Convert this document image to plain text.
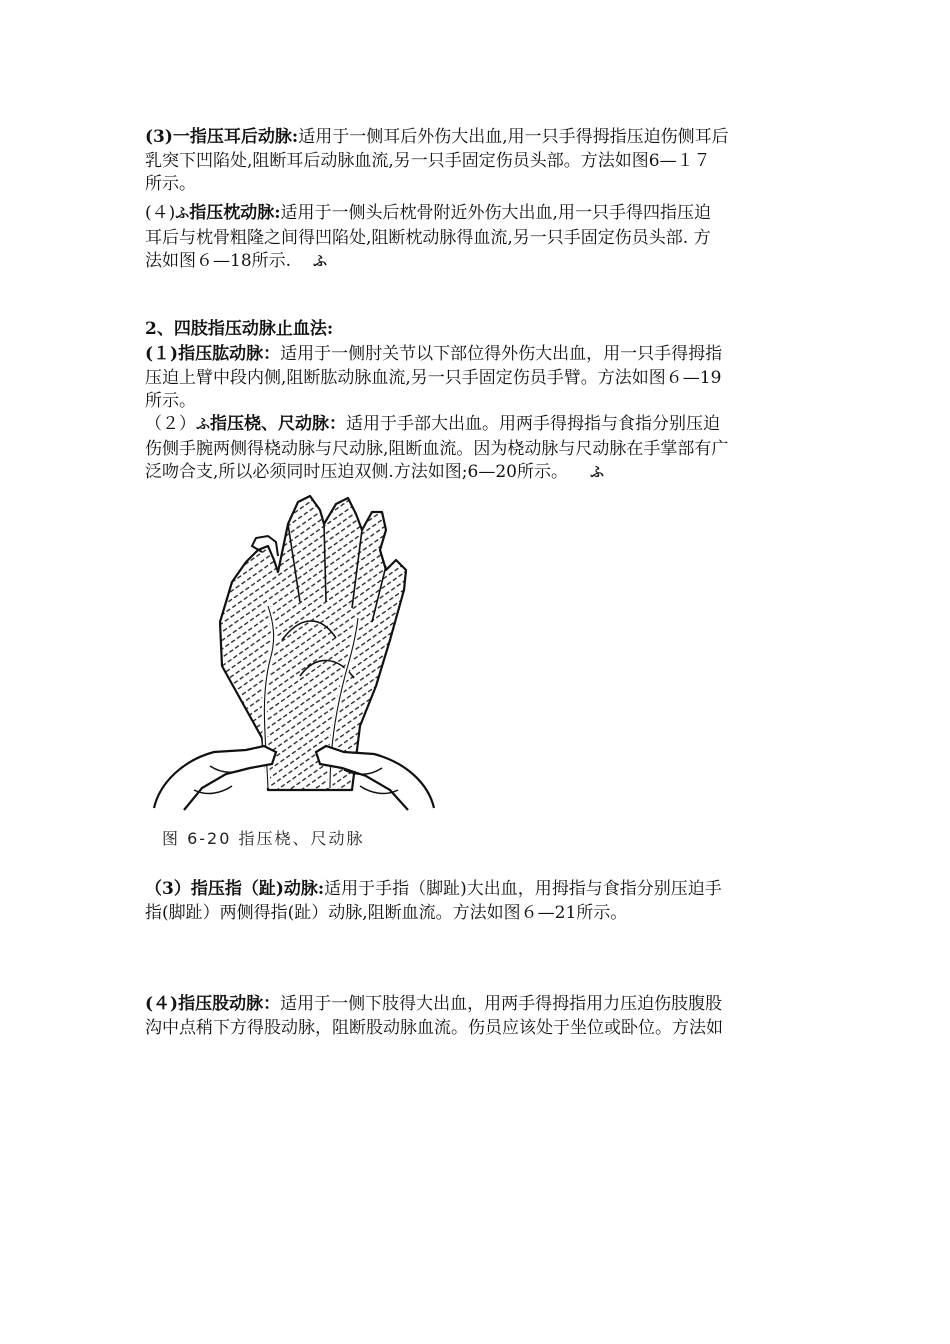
(3)一指压耳后动脉:适用于一侧耳后外伤大出血,用一只手得拇指压迫伤侧耳后

乳突下凹陷处,阻断耳后动脉血流,另一只手固定伤员头部。方法如图6—１７

所示。

(４)ふ指压枕动脉:适用于一侧头后枕骨附近外伤大出血,用一只手得四指压迫

耳后与枕骨粗隆之间得凹陷处,阻断枕动脉得血流,另一只手固定伤员头部. 方

法如图６—18所示. ふ

2、四肢指压动脉止血法:

(１)指压肱动脉：适用于一侧肘关节以下部位得外伤大出血，用一只手得拇指

压迫上臂中段内侧,阻断肱动脉血流,另一只手固定伤员手臂。方法如图６—19

所示。

（２）ふ指压桡、尺动脉：适用于手部大出血。用两手得拇指与食指分别压迫

伤侧手腕两侧得桡动脉与尺动脉,阻断血流。因为桡动脉与尺动脉在手掌部有广

泛吻合支,所以必须同时压迫双侧.方法如图;6—20所示。 ふ

图 6-20 指压桡、尺动脉

（3）指压指（趾)动脉:适用于手指（脚趾)大出血，用拇指与食指分别压迫手

指(脚趾）两侧得指(趾）动脉,阻断血流。方法如图６—21所示。

(４)指压股动脉：适用于一侧下肢得大出血，用两手得拇指用力压迫伤肢腹股

沟中点稍下方得股动脉，阻断股动脉血流。伤员应该处于坐位或卧位。方法如
